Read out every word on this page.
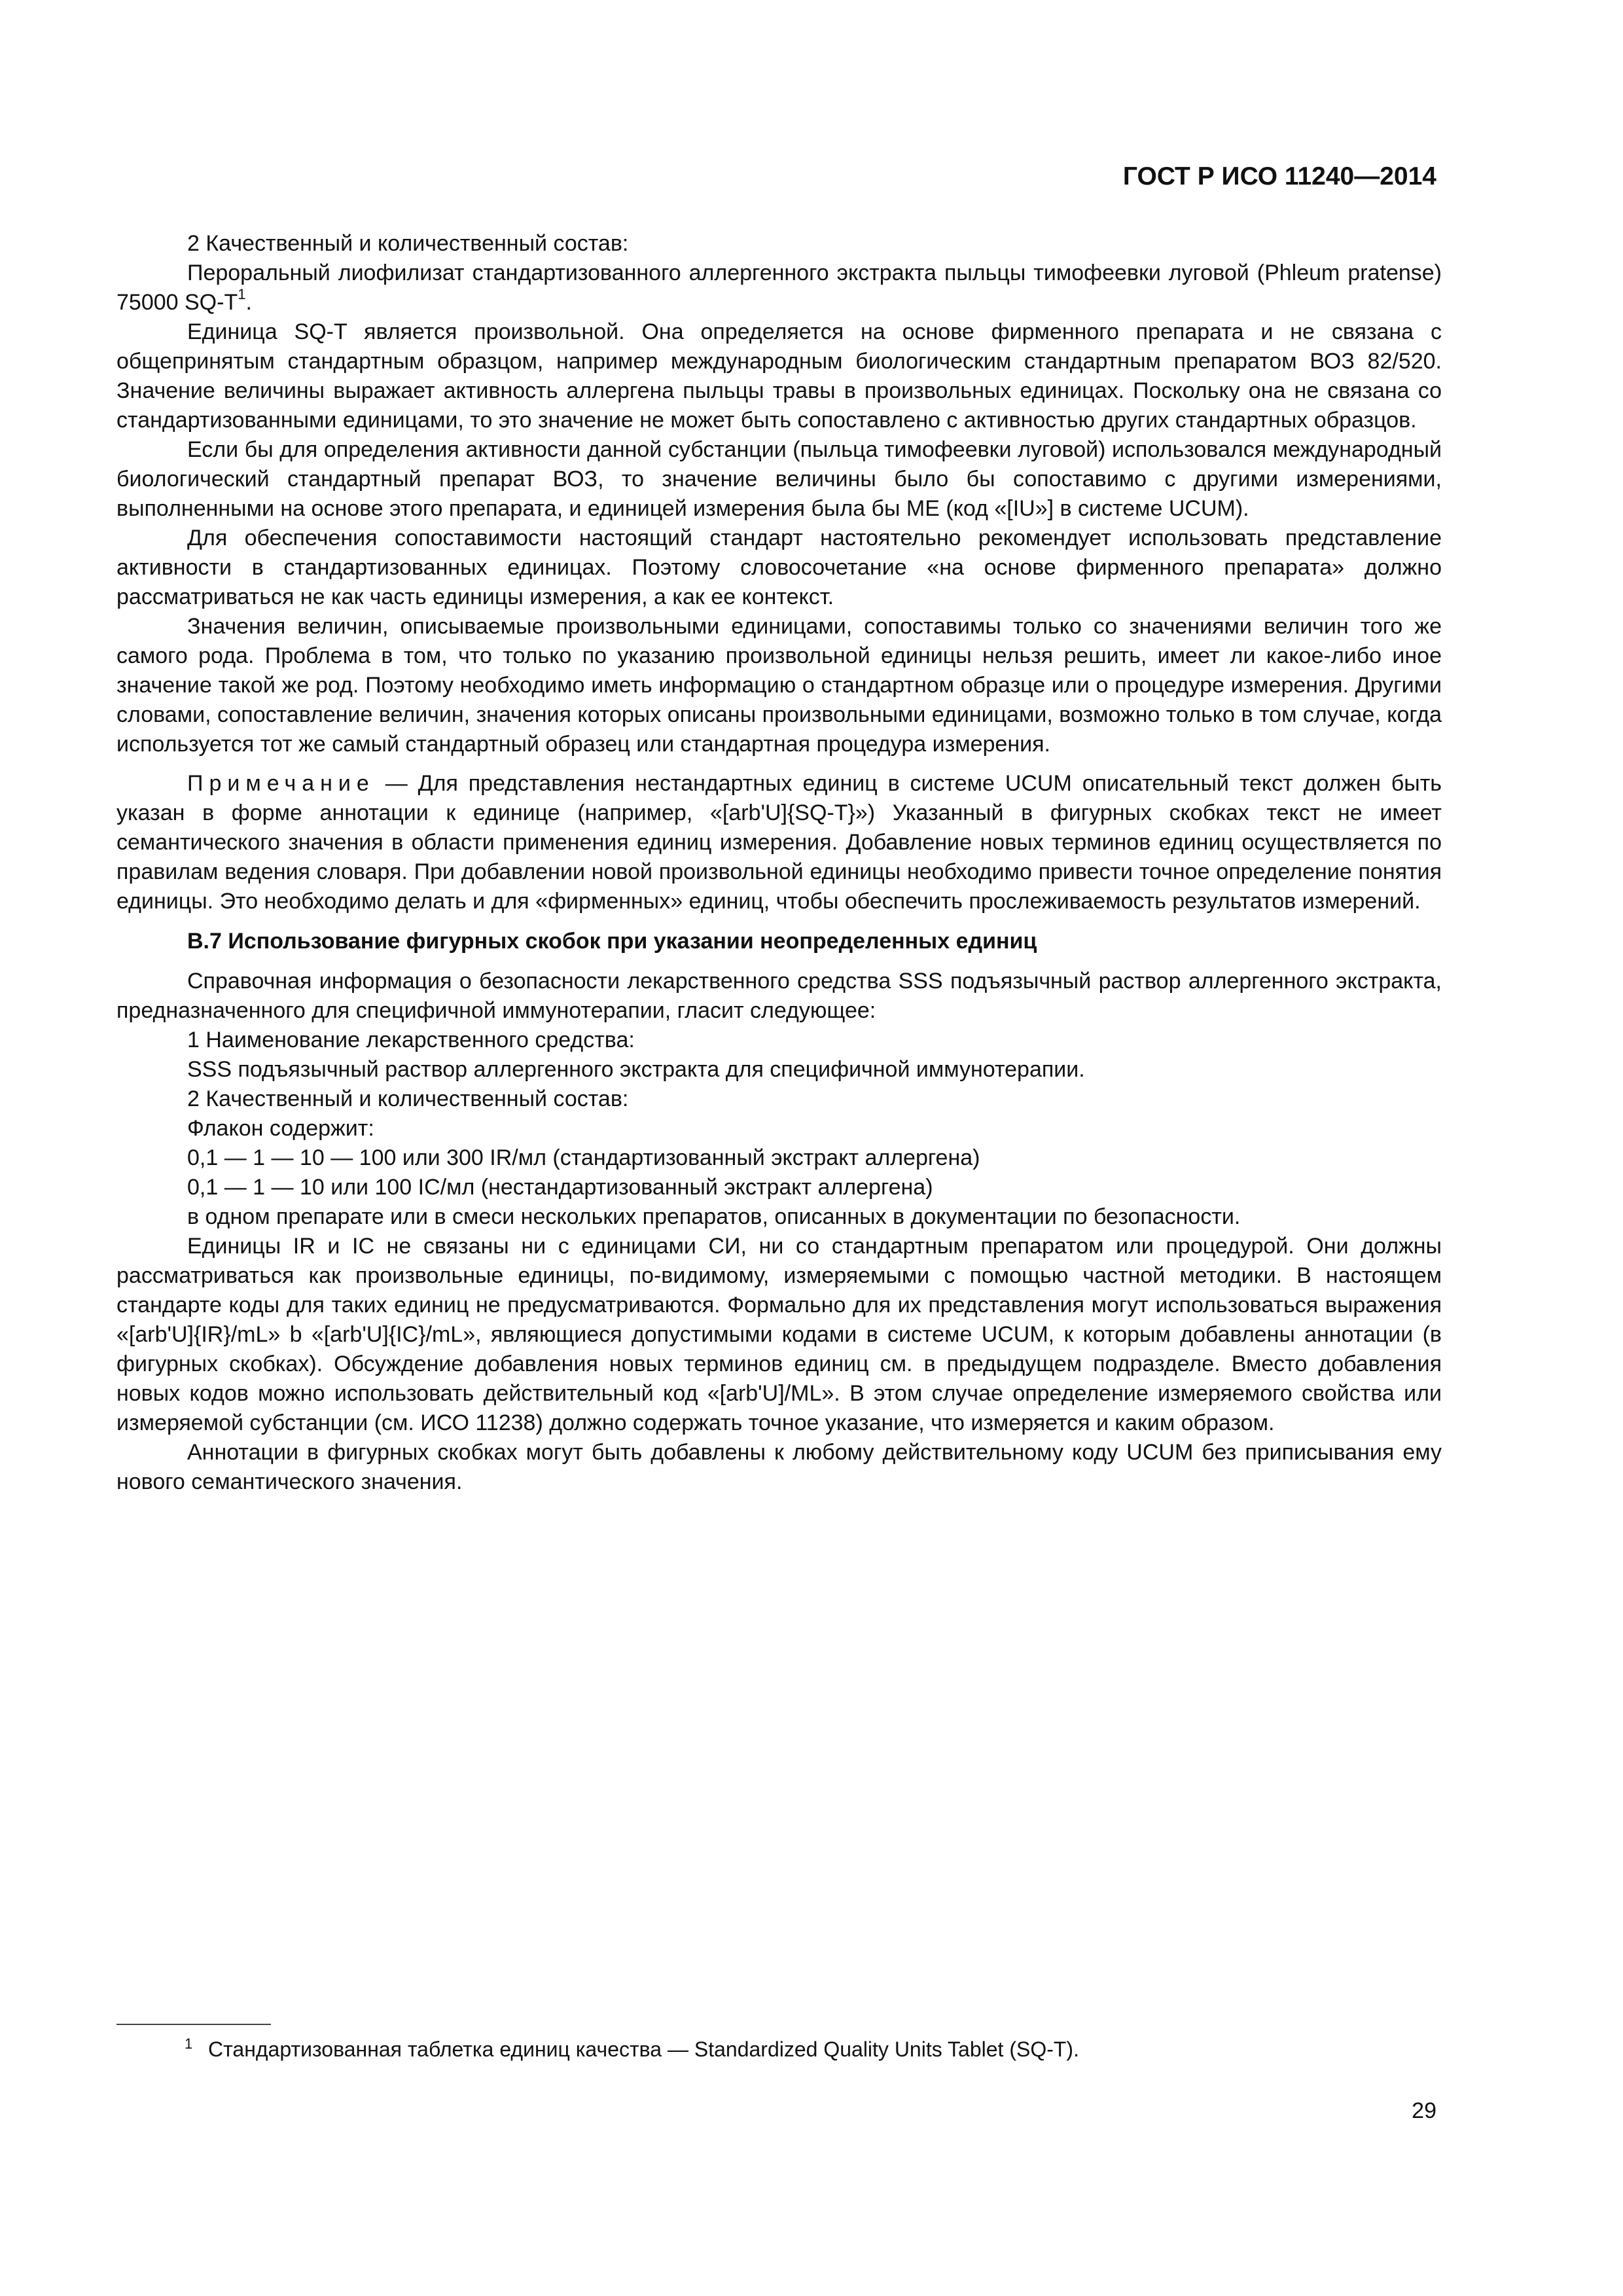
ГОСТ Р ИСО 11240—2014

2 Качественный и количественный состав:

Пероральный лиофилизат стандартизованного аллергенного экстракта пыльцы тимофеевки луговой (Phleum pratense) 75000 $SQ-T^1$.

Единица SQ-T является произвольной. Она определяется на основе фирменного препарата и не связана с общепринятым стандартным образцом, например международным биологическим стандартным препаратом ВОЗ 82/520. Значение величины выражает активность аллергена пыльцы травы в произвольных единицах. Поскольку она не связана со стандартизованными единицами, то это значение не может быть сопоставлено с активностью других стандартных образцов.

Если бы для определения активности данной субстанции (пыльца тимофеевки луговой) использовался международный биологический стандартный препарат ВОЗ, то значение величины было бы сопоставимо с другими измерениями, выполненными на основе этого препарата, и единицей измерения была бы МЕ (код «[IU»] в системе UCUM).

Для обеспечения сопоставимости настоящий стандарт настоятельно рекомендует использовать представление активности в стандартизованных единицах. Поэтому словосочетание «на основе фирменного препарата» должно рассматриваться не как часть единицы измерения, а как ее контекст.

Значения величин, описываемые произвольными единицами, сопоставимы только со значениями величин того же самого рода. Проблема в том, что только по указанию произвольной единицы нельзя решить, имеет ли какое-либо иное значение такой же род. Поэтому необходимо иметь информацию о стандартном образце или о процедуре измерения. Другими словами, сопоставление величин, значения которых описаны произвольными единицами, возможно только в том случае, когда используется тот же самый стандартный образец или стандартная процедура измерения.

Примечание — Для представления нестандартных единиц в системе UCUM описательный текст должен быть указан в форме аннотации к единице (например, «[arb'U]{SQ-T}») Указанный в фигурных скобках текст не имеет семантического значения в области применения единиц измерения. Добавление новых терминов единиц осуществляется по правилам ведения словаря. При добавлении новой произвольной единицы необходимо привести точное определение понятия единицы. Это необходимо делать и для «фирменных» единиц, чтобы обеспечить прослеживаемость результатов измерений.

В.7 Использование фигурных скобок при указании неопределенных единиц

Справочная информация о безопасности лекарственного средства SSS подъязычный раствор аллергенного экстракта, предназначенного для специфичной иммунотерапии, гласит следующее:

1 Наименование лекарственного средства:

SSS подъязычный раствор аллергенного экстракта для специфичной иммунотерапии.

2 Качественный и количественный состав:

Флакон содержит:

0,1 — 1 — 10 — 100 или 300 IR/мл (стандартизованный экстракт аллергена)

0,1 — 1 — 10 или 100 IC/мл (нестандартизованный экстракт аллергена)

в одном препарате или в смеси нескольких препаратов, описанных в документации по безопасности.

Единицы IR и IC не связаны ни с единицами СИ, ни со стандартным препаратом или процедурой. Они должны рассматриваться как произвольные единицы, по-видимому, измеряемыми с помощью частной методики. В настоящем стандарте коды для таких единиц не предусматриваются. Формально для их представления могут использоваться выражения «[arb'U]{IR}/mL» b «[arb'U]{IC}/mL», являющиеся допустимыми кодами в системе UCUM, к которым добавлены аннотации (в фигурных скобках). Обсуждение добавления новых терминов единиц см. в предыдущем подразделе. Вместо добавления новых кодов можно использовать действительный код «[arb'U]/ML». В этом случае определение измеряемого свойства или измеряемой субстанции (см. ИСО 11238) должно содержать точное указание, что измеряется и каким образом.

Аннотации в фигурных скобках могут быть добавлены к любому действительному коду UCUM без приписывания ему нового семантического значения.

1 Стандартизованная таблетка единиц качества — Standardized Quality Units Tablet (SQ-T).
29
